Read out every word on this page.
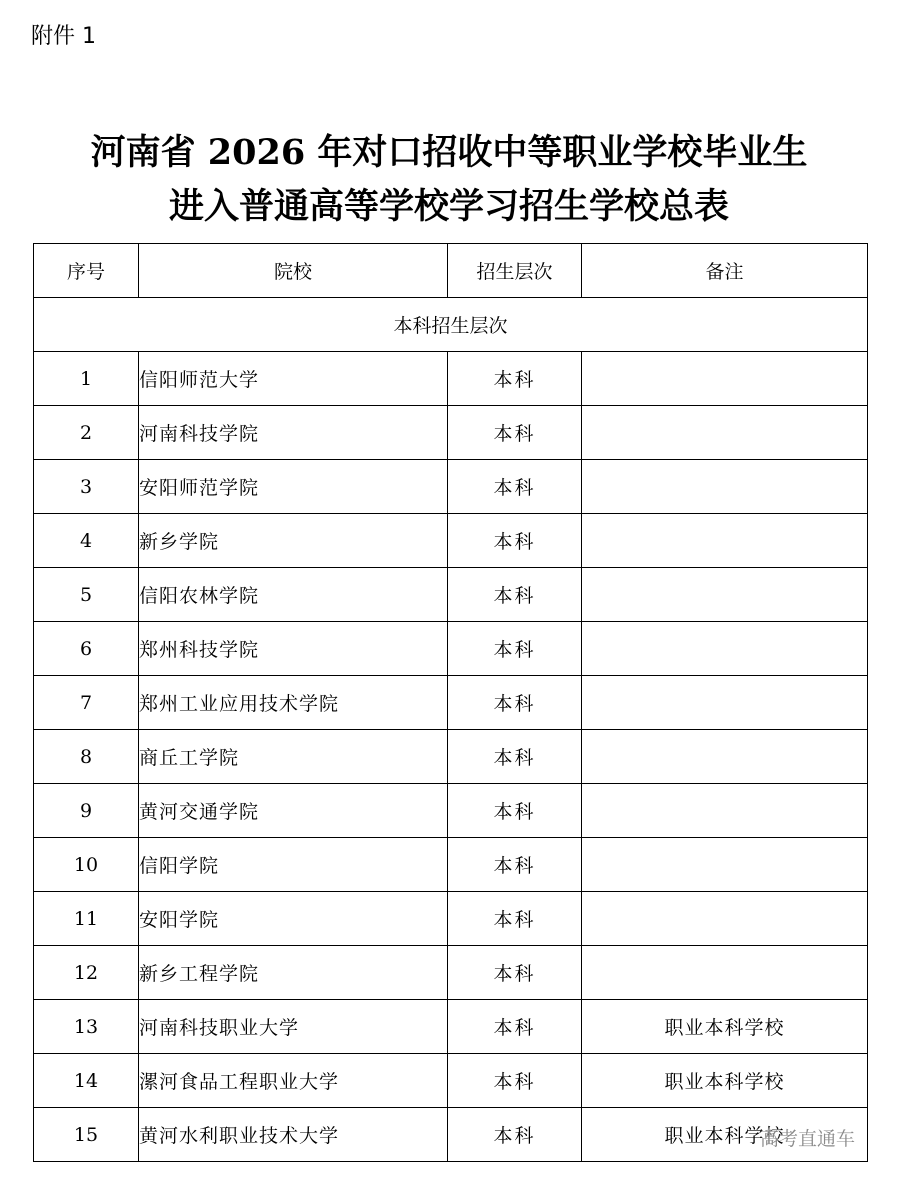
附件 1
河南省 2026 年对口招收中等职业学校毕业生
进入普通高等学校学习招生学校总表
序号	院校	招生层次	备注
本科招生层次			
1	信阳师范大学	本科	
2	河南科技学院	本科	
3	安阳师范学院	本科	
4	新乡学院	本科	
5	信阳农林学院	本科	
6	郑州科技学院	本科	
7	郑州工业应用技术学院	本科	
8	商丘工学院	本科	
9	黄河交通学院	本科	
10	信阳学院	本科	
11	安阳学院	本科	
12	新乡工程学院	本科	
13	河南科技职业大学	本科	职业本科学校
14	漯河食品工程职业大学	本科	职业本科学校
15	黄河水利职业技术大学	本科	职业本科学校
高考直通车
